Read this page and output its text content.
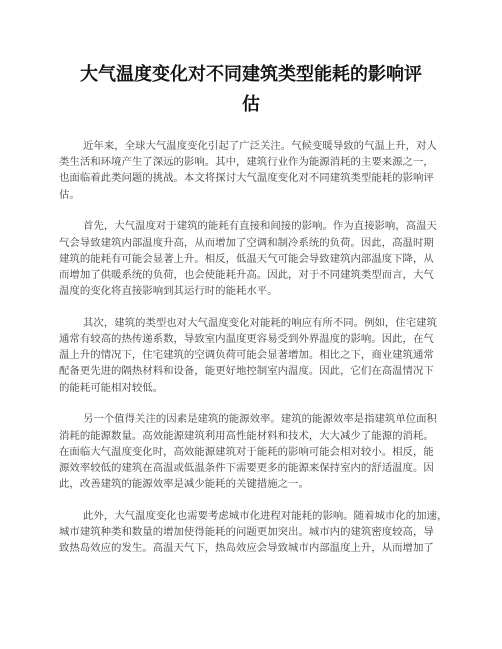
大气温度变化对不同建筑类型能耗的影响评
估

近年来，全球大气温度变化引起了广泛关注。气候变暖导致的气温上升，对人
类生活和环境产生了深远的影响。其中，建筑行业作为能源消耗的主要来源之一，
也面临着此类问题的挑战。本文将探讨大气温度变化对不同建筑类型能耗的影响评
估。

首先，大气温度对于建筑的能耗有直接和间接的影响。作为直接影响，高温天
气会导致建筑内部温度升高，从而增加了空调和制冷系统的负荷。因此，高温时期
建筑的能耗有可能会显著上升。相反，低温天气可能会导致建筑内部温度下降，从
而增加了供暖系统的负荷，也会使能耗升高。因此，对于不同建筑类型而言，大气
温度的变化将直接影响到其运行时的能耗水平。

其次，建筑的类型也对大气温度变化对能耗的响应有所不同。例如，住宅建筑
通常有较高的热传递系数，导致室内温度更容易受到外界温度的影响。因此，在气
温上升的情况下，住宅建筑的空调负荷可能会显著增加。相比之下，商业建筑通常
配备更先进的隔热材料和设备，能更好地控制室内温度。因此，它们在高温情况下
的能耗可能相对较低。

另一个值得关注的因素是建筑的能源效率。建筑的能源效率是指建筑单位面积
消耗的能源数量。高效能源建筑利用高性能材料和技术，大大减少了能源的消耗。
在面临大气温度变化时，高效能源建筑对于能耗的影响可能会相对较小。相反，能
源效率较低的建筑在高温或低温条件下需要更多的能源来保持室内的舒适温度。因
此，改善建筑的能源效率是减少能耗的关键措施之一。

此外，大气温度变化也需要考虑城市化进程对能耗的影响。随着城市化的加速，
城市建筑种类和数量的增加使得能耗的问题更加突出。城市内的建筑密度较高，导
致热岛效应的发生。高温天气下，热岛效应会导致城市内部温度上升，从而增加了
